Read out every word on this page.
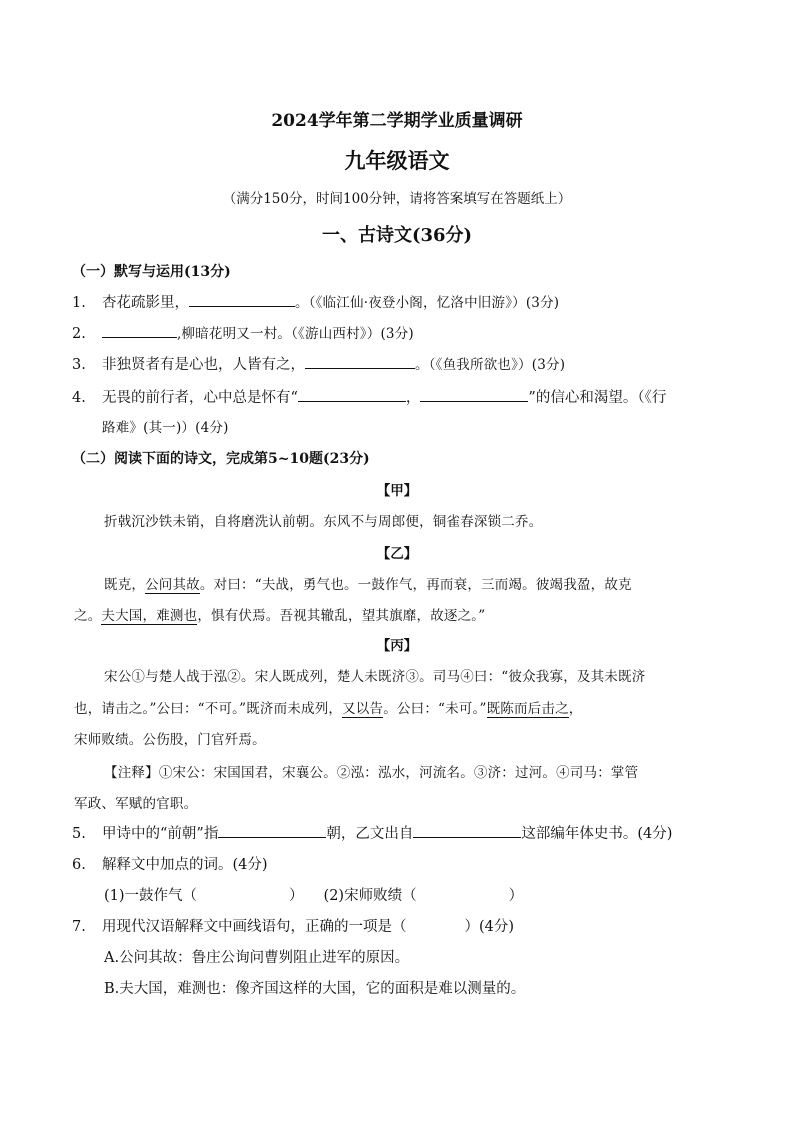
2024学年第二学期学业质量调研
九年级语文
（满分150分，时间100分钟，请将答案填写在答题纸上）
一、古诗文(36分)
（一）默写与运用(13分)
1. 杏花疏影里，	。（《临江仙·夜登小阁，忆洛中旧游》）(3分)
2.	,柳暗花明又一村。（《游山西村》）(3分)
3. 非独贤者有是心也，人皆有之，	。（《鱼我所欲也》）(3分)
4. 无畏的前行者，心中总是怀有“	，	”的信心和渴望。（《行
路难》(其一)）(4分)
（二）阅读下面的诗文，完成第5~10题(23分)
【甲】
折戟沉沙铁未销，自将磨洗认前朝。东风不与周郎便，铜雀春深锁二乔。
【乙】
既克，公问其故。对曰：“夫战，勇气也。一鼓作气，再而衰，三而竭。彼竭我盈，故克
之。夫大国，难测也，惧有伏焉。吾视其辙乱，望其旗靡，故逐之。”
【丙】
宋公①与楚人战于泓②。宋人既成列，楚人未既济③。司马④曰：“彼众我寡，及其未既济
也，请击之。”公曰：“不可。”既济而未成列，又以告。公曰：“未可。”既陈而后击之，
宋师败绩。公伤股，门官歼焉。
【注释】①宋公：宋国国君，宋襄公。②泓：泓水，河流名。③济：过河。④司马：掌管
军政、军赋的官职。
5. 甲诗中的“前朝”指	朝，乙文出自	这部编年体史书。(4分)
6. 解释文中加点的词。(4分)
(1)一鼓作气（	） (2)宋师败绩（	）
7. 用现代汉语解释文中画线语句，正确的一项是（	）(4分)
A.公问其故：鲁庄公询问曹刿阻止进军的原因。
B.夫大国，难测也：像齐国这样的大国，它的面积是难以测量的。
